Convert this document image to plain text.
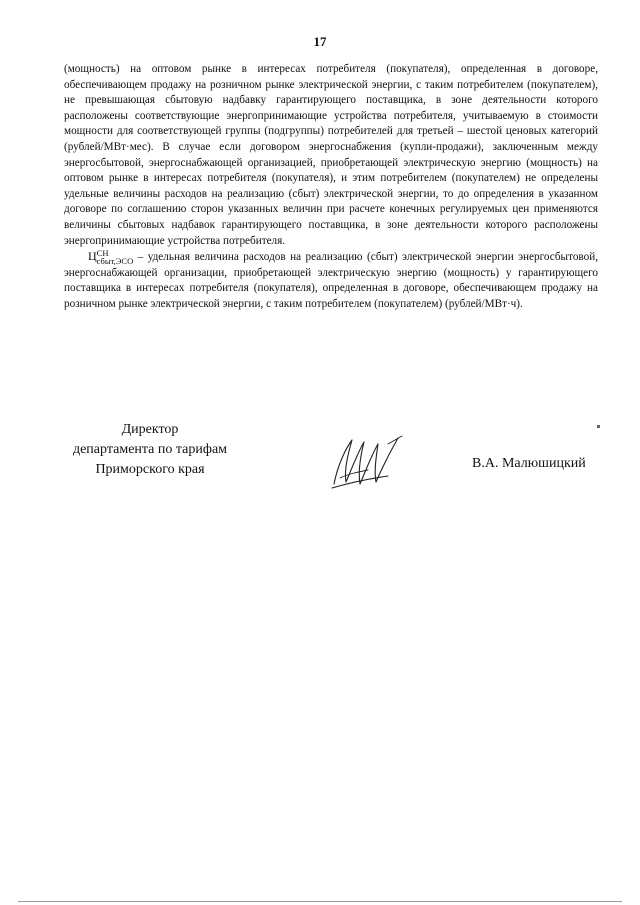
17

(мощность) на оптовом рынке в интересах потребителя (покупателя), определенная в договоре, обеспечивающем продажу на розничном рынке электрической энергии, с таким потребителем (покупателем), не превышающая сбытовую надбавку гарантирующего поставщика, в зоне деятельности которого расположены соответствующие энергопринимающие устройства потребителя, учитываемую в стоимости мощности для соответствующей группы (подгруппы) потребителей для третьей – шестой ценовых категорий (рублей/МВт·мес). В случае если договором энергоснабжения (купли-продажи), заключенным между энергосбытовой, энергоснабжающей организацией, приобретающей электрическую энергию (мощность) на оптовом рынке в интересах потребителя (покупателя), и этим потребителем (покупателем) не определены удельные величины расходов на реализацию (сбыт) электрической энергии, то до определения в указанном договоре по соглашению сторон указанных величин при расчете конечных регулируемых цен применяются величины сбытовых надбавок гарантирующего поставщика, в зоне деятельности которого расположены энергопринимающие устройства потребителя.

Ц СН
сбыт,ЭСО – удельная величина расходов на реализацию (сбыт) электрической энергии энергосбытовой, энергоснабжающей организации, приобретающей электрическую энергию (мощность) у гарантирующего поставщика в интересах потребителя (покупателя), определенная в договоре, обеспечивающем продажу на розничном рынке электрической энергии, с таким потребителем (покупателем) (рублей/МВт·ч).

Директор
департамента по тарифам
Приморского края	В.А. Малюшицкий
